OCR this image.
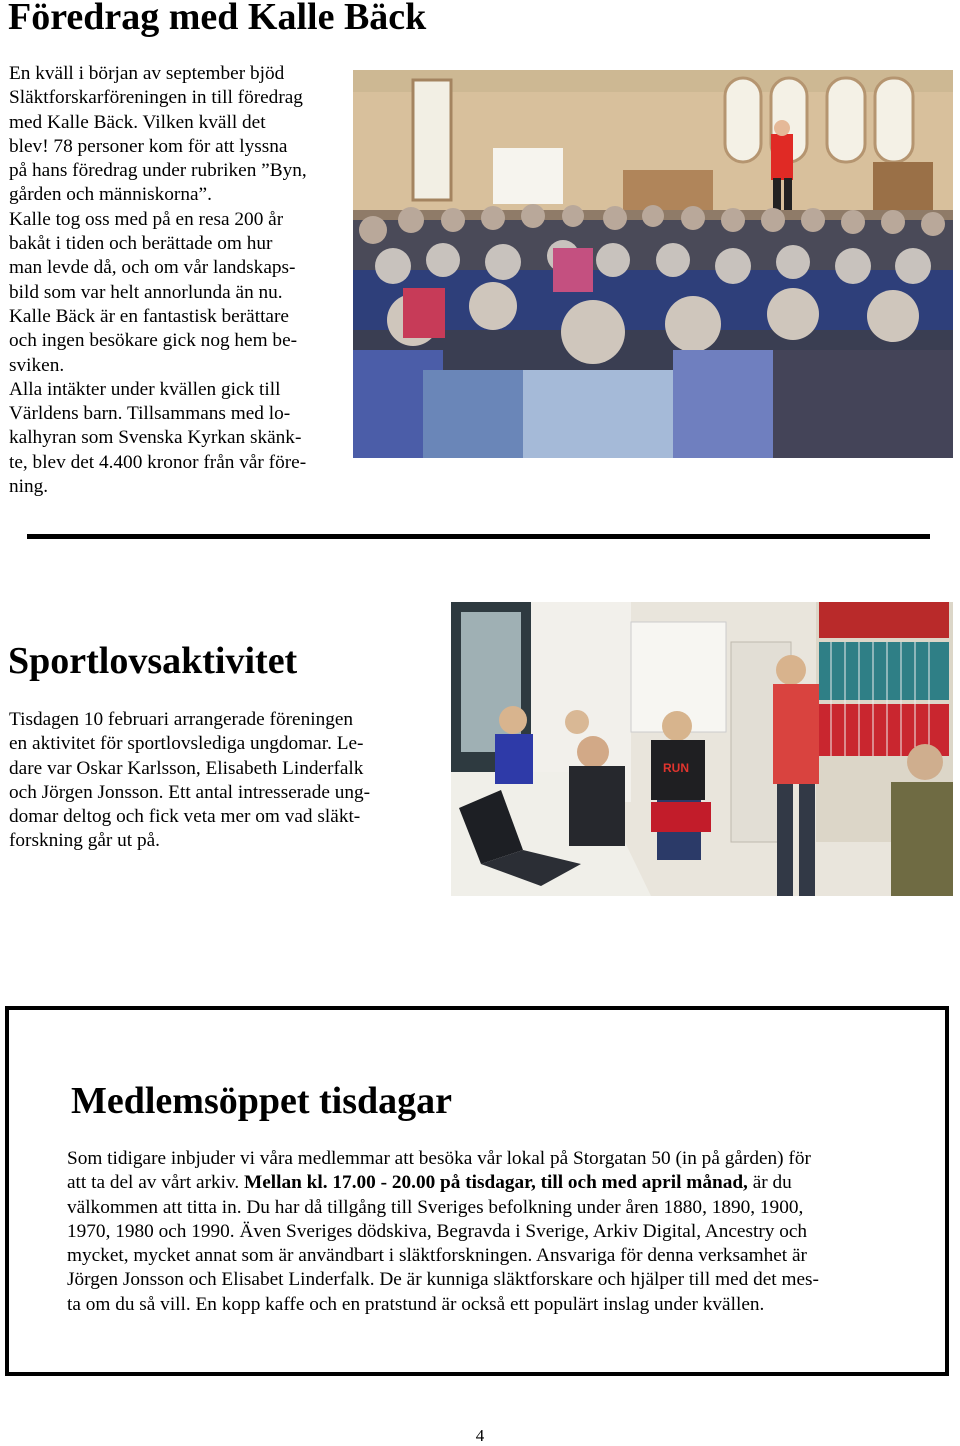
Föredrag med Kalle Bäck

En kväll i början av september bjöd

Släktforskarföreningen in till föredrag

med Kalle Bäck. Vilken kväll det

blev! 78 personer kom för att lyssna

på hans föredrag under rubriken ”Byn,

gården och människorna”.

Kalle tog oss med på en resa 200 år

bakåt i tiden och berättade om hur

man levde då, och om vår landskaps-

bild som var helt annorlunda än nu.

Kalle Bäck är en fantastisk berättare

och ingen besökare gick nog hem be-

sviken.

Alla intäkter under kvällen gick till

Världens barn. Tillsammans med lo-

kalhyran som Svenska Kyrkan skänk-

te, blev det 4.400 kronor från vår före-

ning.

Sportlovsaktivitet

Tisdagen 10 februari arrangerade föreningen

en aktivitet för sportlovslediga ungdomar. Le-

dare var Oskar Karlsson, Elisabeth Linderfalk

och Jörgen Jonsson. Ett antal intresserade ung-

domar deltog och fick veta mer om vad släkt-

forskning går ut på.

RUN
Medlemsöppet tisdagar

Som tidigare inbjuder vi våra medlemmar att besöka vår lokal på Storgatan 50 (in på gården) för

att ta del av vårt arkiv. Mellan kl. 17.00 - 20.00 på tisdagar, till och med april månad, är du

välkommen att titta in. Du har då tillgång till Sveriges befolkning under åren 1880, 1890, 1900,

1970, 1980 och 1990. Även Sveriges dödskiva, Begravda i Sverige, Arkiv Digital, Ancestry och

mycket, mycket annat som är användbart i släktforskningen. Ansvariga för denna verksamhet är

Jörgen Jonsson och Elisabet Linderfalk. De är kunniga släktforskare och hjälper till med det mes-

ta om du så vill. En kopp kaffe och en pratstund är också ett populärt inslag under kvällen.

4
